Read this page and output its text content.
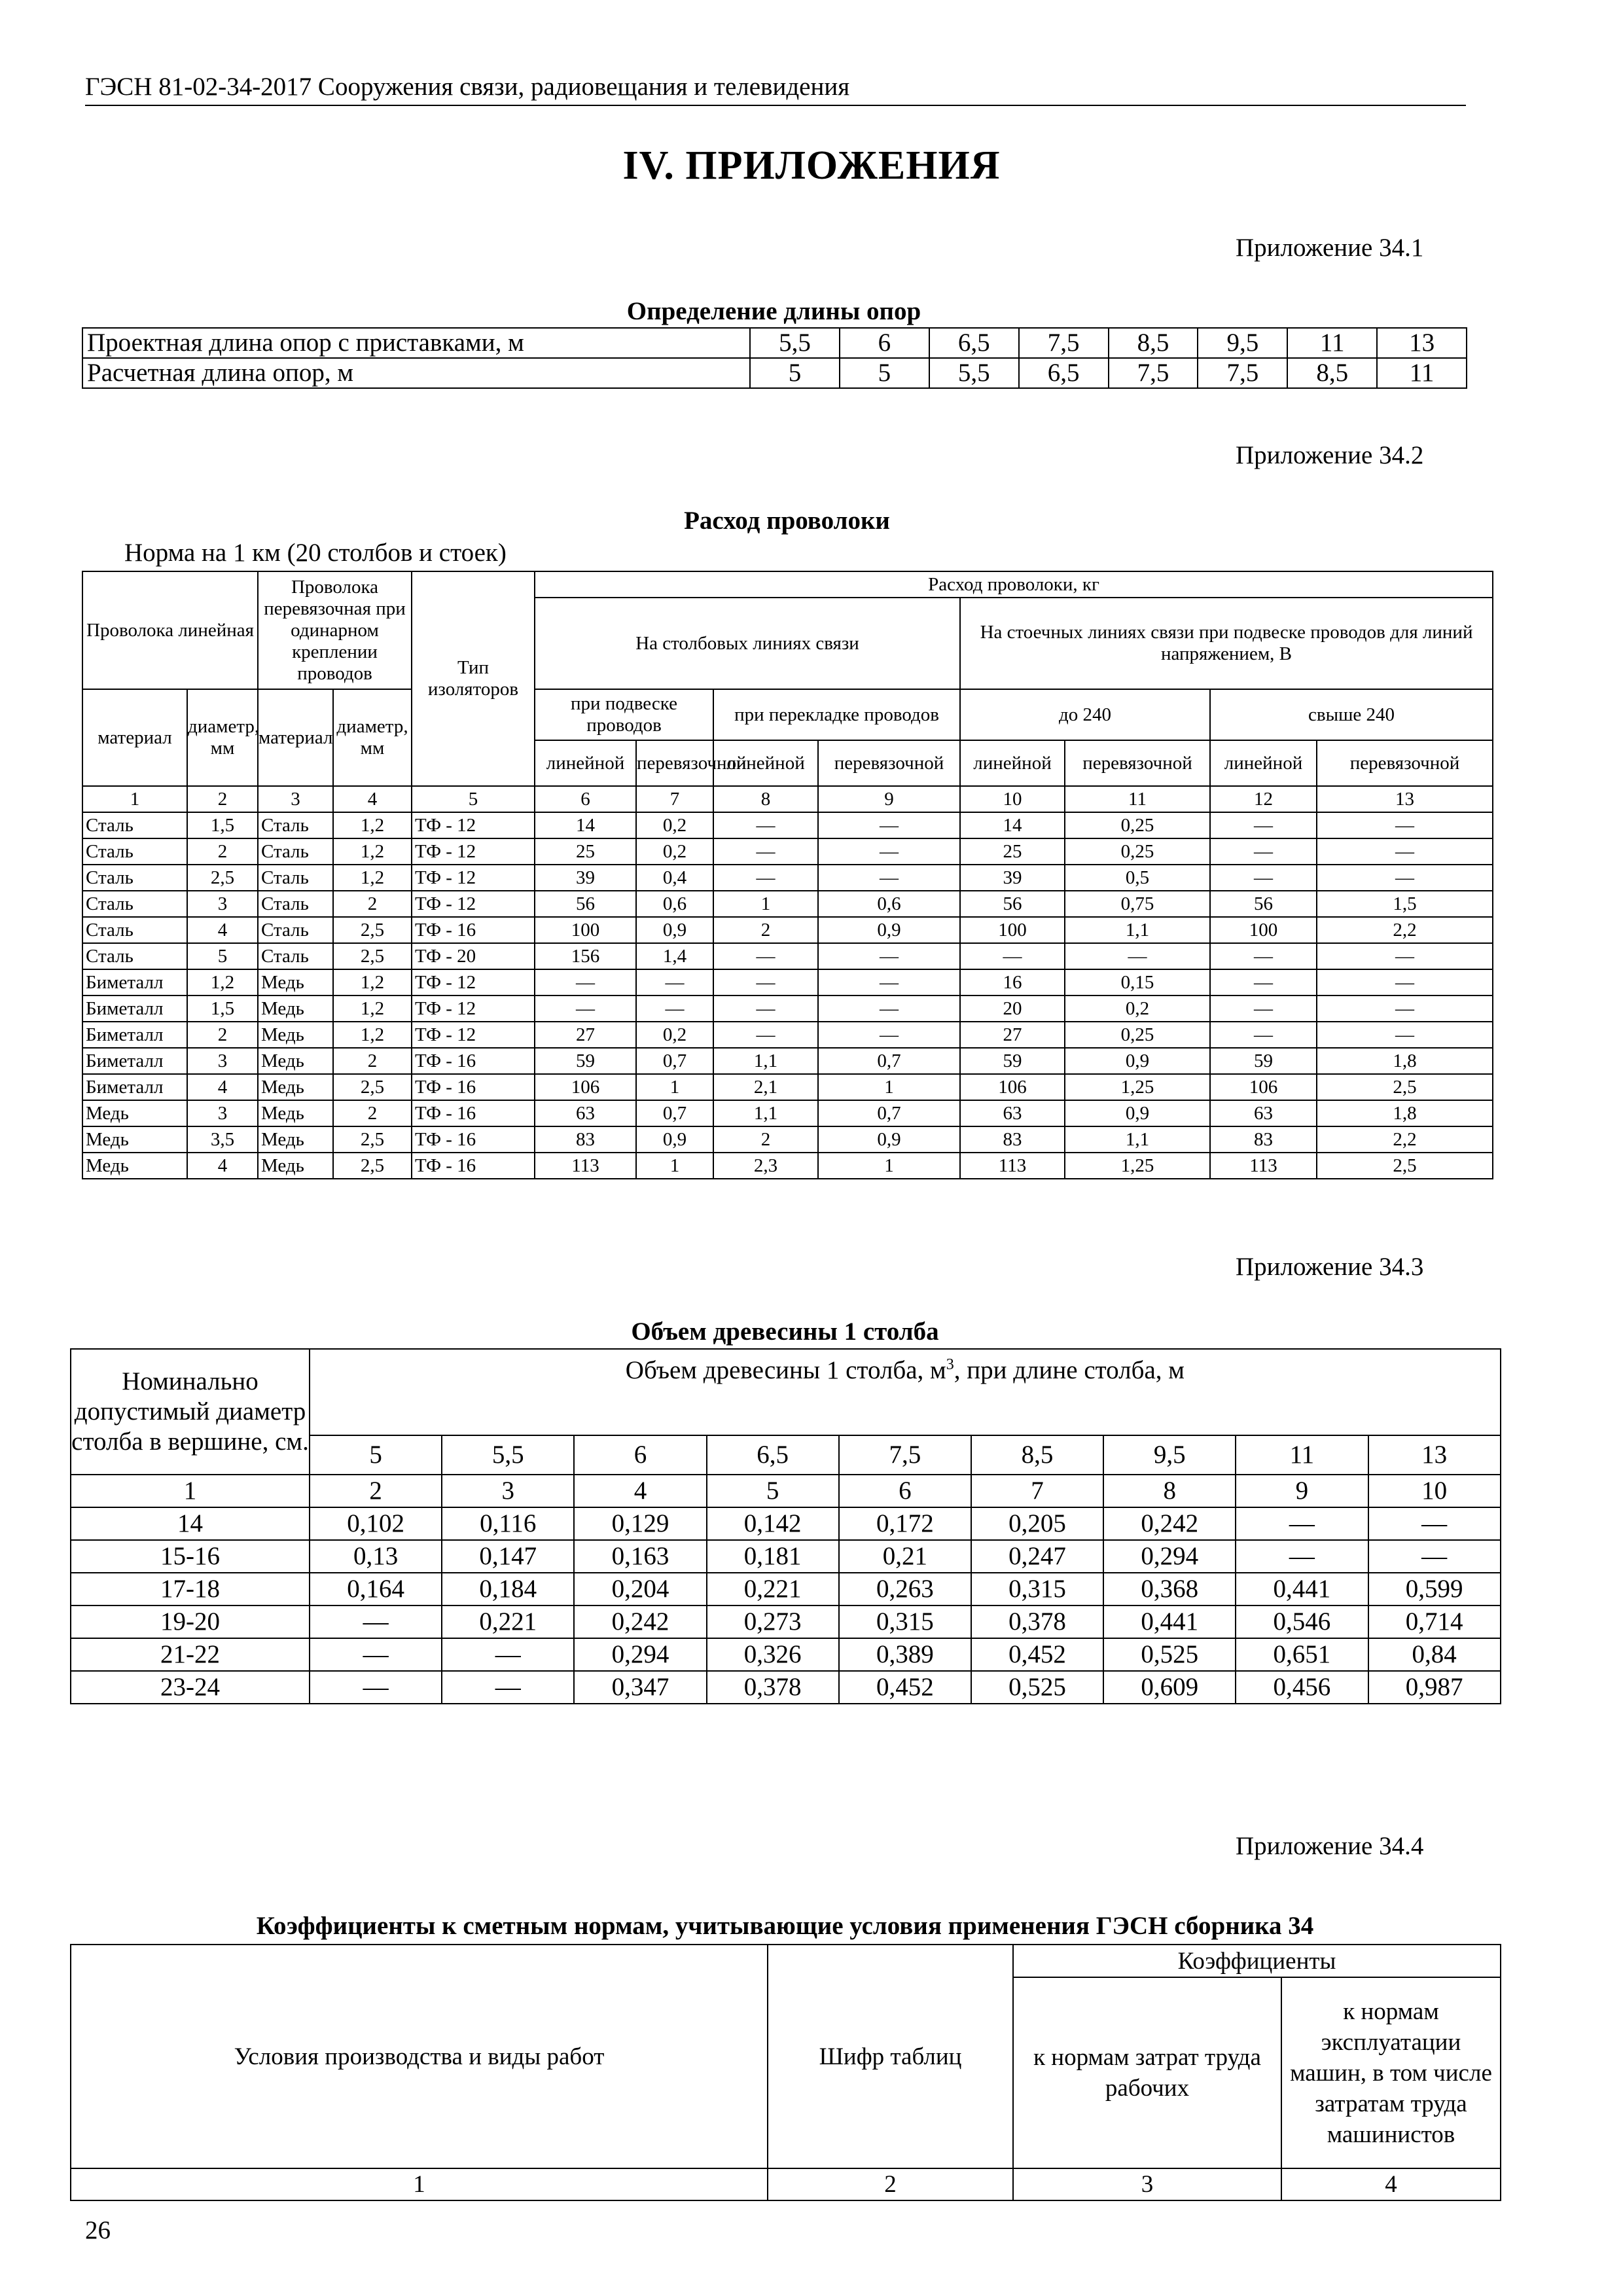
ГЭСН 81-02-34-2017 Сооружения связи, радиовещания и телевидения
IV. ПРИЛОЖЕНИЯ
Приложение 34.1
Определение длины опор
Проектная длина опор с приставками, м	5,5	6	6,5	7,5	8,5	9,5	11	13
Расчетная длина опор, м	5	5	5,5	6,5	7,5	7,5	8,5	11
Приложение 34.2
Расход проволоки
Норма на 1 км (20 столбов и стоек)
Проволока линейная		Проволока перевязочная при одинарном креплении проводов		Тип изоляторов	Расход проволоки, кг							
					На столбовых линиях связи				На стоечных линиях связи при подвеске проводов для линий напряжением, В			
материал	диаметр, мм	материал	диаметр, мм		при подвеске проводов		при перекладке проводов		до 240		свыше 240	
					линейной	перевязочной	линейной	перевязочной	линейной	перевязочной	линейной	перевязочной
1	2	3	4	5	6	7	8	9	10	11	12	13
Сталь	1,5	Сталь	1,2	ТФ - 12	14	0,2	—	—	14	0,25	—	—
Сталь	2	Сталь	1,2	ТФ - 12	25	0,2	—	—	25	0,25	—	—
Сталь	2,5	Сталь	1,2	ТФ - 12	39	0,4	—	—	39	0,5	—	—
Сталь	3	Сталь	2	ТФ - 12	56	0,6	1	0,6	56	0,75	56	1,5
Сталь	4	Сталь	2,5	ТФ - 16	100	0,9	2	0,9	100	1,1	100	2,2
Сталь	5	Сталь	2,5	ТФ - 20	156	1,4	—	—	—	—	—	—
Биметалл	1,2	Медь	1,2	ТФ - 12	—	—	—	—	16	0,15	—	—
Биметалл	1,5	Медь	1,2	ТФ - 12	—	—	—	—	20	0,2	—	—
Биметалл	2	Медь	1,2	ТФ - 12	27	0,2	—	—	27	0,25	—	—
Биметалл	3	Медь	2	ТФ - 16	59	0,7	1,1	0,7	59	0,9	59	1,8
Биметалл	4	Медь	2,5	ТФ - 16	106	1	2,1	1	106	1,25	106	2,5
Медь	3	Медь	2	ТФ - 16	63	0,7	1,1	0,7	63	0,9	63	1,8
Медь	3,5	Медь	2,5	ТФ - 16	83	0,9	2	0,9	83	1,1	83	2,2
Медь	4	Медь	2,5	ТФ - 16	113	1	2,3	1	113	1,25	113	2,5
Приложение 34.3
Объем древесины 1 столба
Номинально допустимый диаметр столба в вершине, см.	Объем древесины 1 столба, $м^3$, при длине столба, м								
	5	5,5	6	6,5	7,5	8,5	9,5	11	13
1	2	3	4	5	6	7	8	9	10
14	0,102	0,116	0,129	0,142	0,172	0,205	0,242	—	—
15-16	0,13	0,147	0,163	0,181	0,21	0,247	0,294	—	—
17-18	0,164	0,184	0,204	0,221	0,263	0,315	0,368	0,441	0,599
19-20	—	0,221	0,242	0,273	0,315	0,378	0,441	0,546	0,714
21-22	—	—	0,294	0,326	0,389	0,452	0,525	0,651	0,84
23-24	—	—	0,347	0,378	0,452	0,525	0,609	0,456	0,987
Приложение 34.4
Коэффициенты к сметным нормам, учитывающие условия применения ГЭСН сборника 34
Условия производства и виды работ	Шифр таблиц	Коэффициенты	
		к нормам затрат труда рабочих	к нормам эксплуатации машин, в том числе затратам труда машинистов
1	2	3	4
26
